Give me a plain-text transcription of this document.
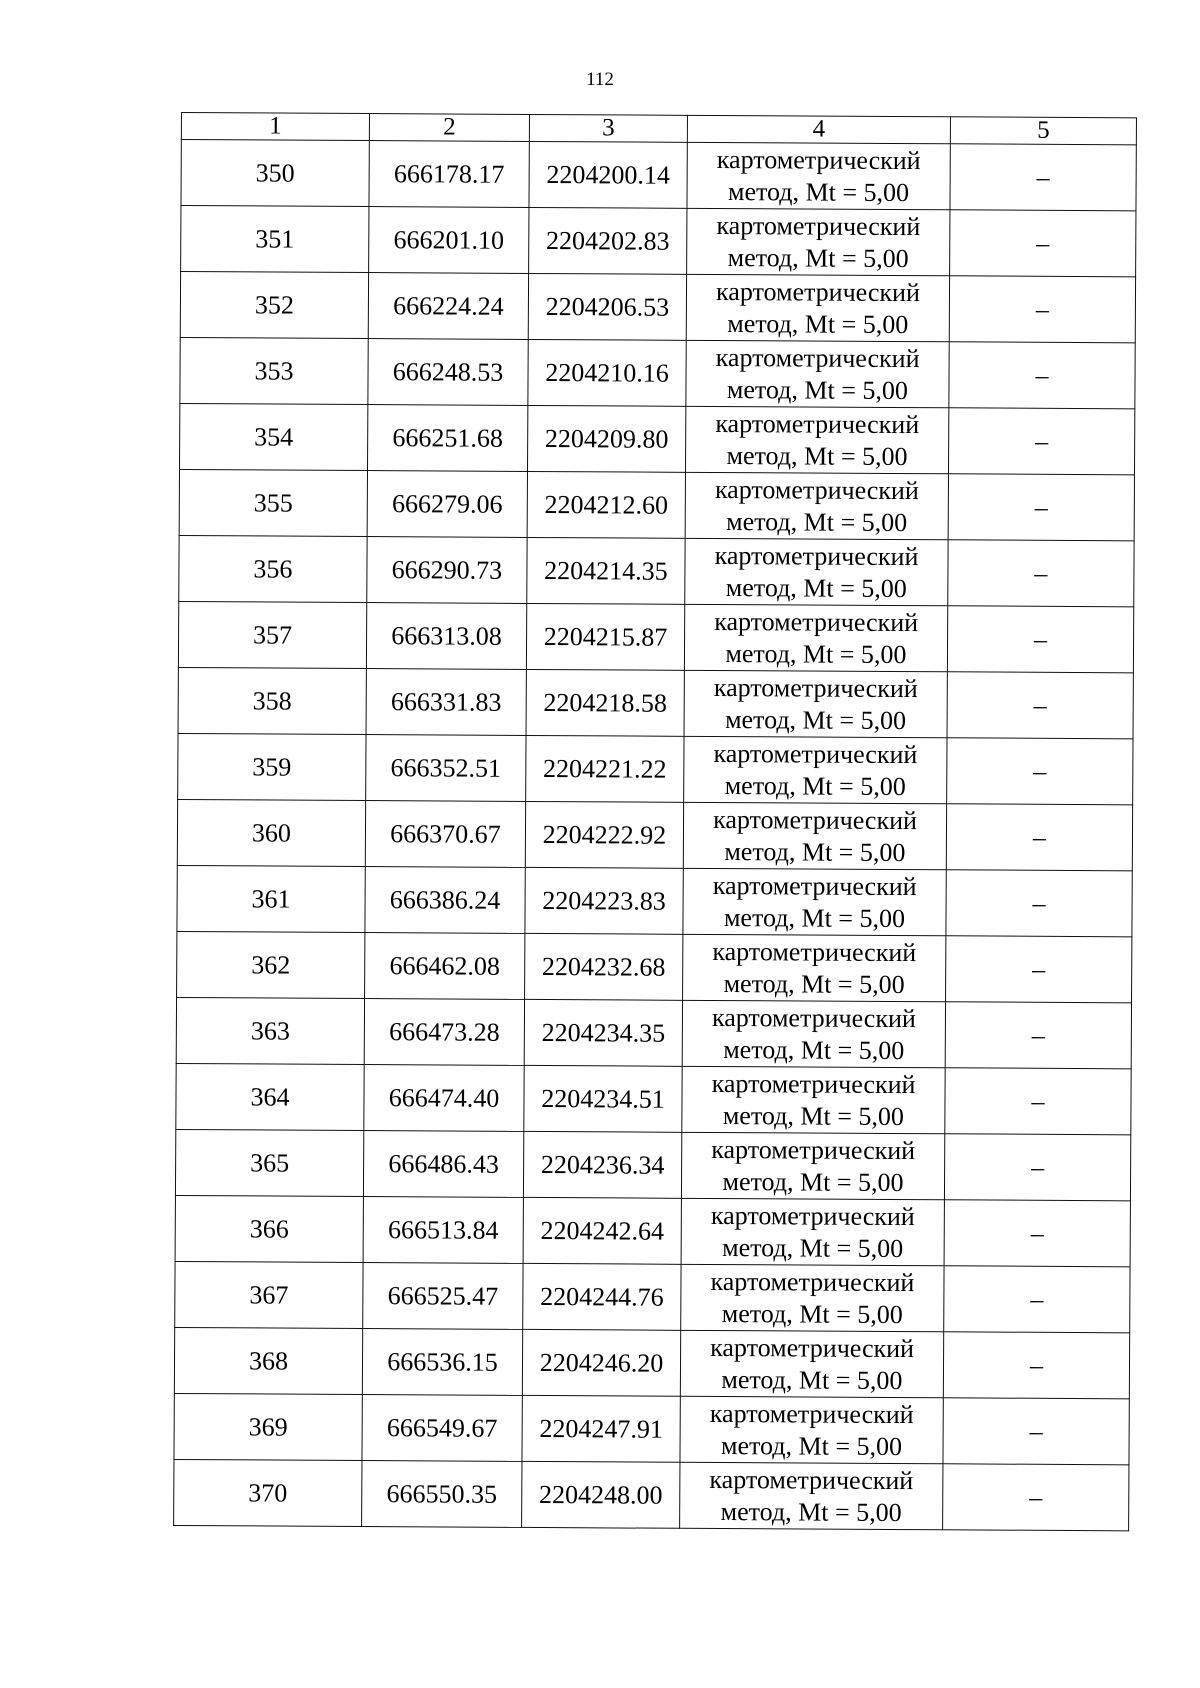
112
1	2	3	4	5
350	666178.17	2204200.14	картометрический
метод, Mt = 5,00	–
351	666201.10	2204202.83	картометрический
метод, Mt = 5,00	–
352	666224.24	2204206.53	картометрический
метод, Mt = 5,00	–
353	666248.53	2204210.16	картометрический
метод, Mt = 5,00	–
354	666251.68	2204209.80	картометрический
метод, Mt = 5,00	–
355	666279.06	2204212.60	картометрический
метод, Mt = 5,00	–
356	666290.73	2204214.35	картометрический
метод, Mt = 5,00	–
357	666313.08	2204215.87	картометрический
метод, Mt = 5,00	–
358	666331.83	2204218.58	картометрический
метод, Mt = 5,00	–
359	666352.51	2204221.22	картометрический
метод, Mt = 5,00	–
360	666370.67	2204222.92	картометрический
метод, Mt = 5,00	–
361	666386.24	2204223.83	картометрический
метод, Mt = 5,00	–
362	666462.08	2204232.68	картометрический
метод, Mt = 5,00	–
363	666473.28	2204234.35	картометрический
метод, Mt = 5,00	–
364	666474.40	2204234.51	картометрический
метод, Mt = 5,00	–
365	666486.43	2204236.34	картометрический
метод, Mt = 5,00	–
366	666513.84	2204242.64	картометрический
метод, Mt = 5,00	–
367	666525.47	2204244.76	картометрический
метод, Mt = 5,00	–
368	666536.15	2204246.20	картометрический
метод, Mt = 5,00	–
369	666549.67	2204247.91	картометрический
метод, Mt = 5,00	–
370	666550.35	2204248.00	картометрический
метод, Mt = 5,00	–
